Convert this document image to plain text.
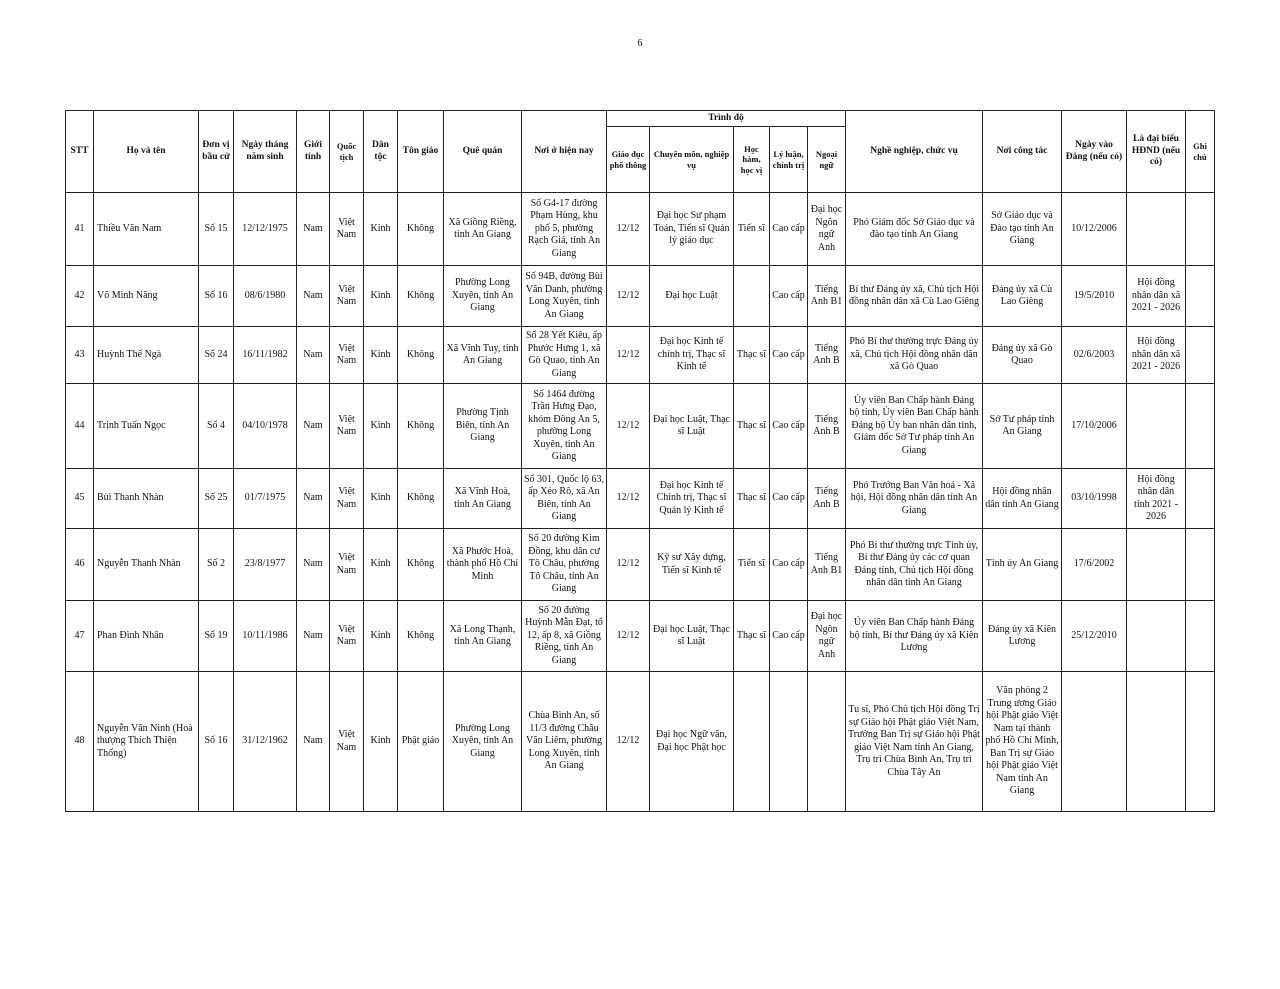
6
STT	Họ và tên	Đơn vị bầu cử	Ngày tháng năm sinh	Giới tính	Quốc tịch	Dân tộc	Tôn giáo	Quê quán	Nơi ở hiện nay	Trình độ					Nghề nghiệp, chức vụ	Nơi công tác	Ngày vào Đảng (nếu có)	Là đại biểu HĐND (nếu có)	Ghi chú
										Giáo dục phổ thông	Chuyên môn, nghiệp vụ	Học hàm, học vị	Lý luận, chính trị	Ngoại ngữ					
41	Thiều Văn Nam	Số 15	12/12/1975	Nam	Việt Nam	Kinh	Không	Xã Giồng Riềng, tỉnh An Giang	Số G4-17 đường Phạm Hùng, khu phố 5, phường Rạch Giá, tỉnh An Giang	12/12	Đại học Sư phạm Toán, Tiến sĩ Quản lý giáo dục	Tiến sĩ	Cao cấp	Đại học Ngôn ngữ Anh	Phó Giám đốc Sở Giáo dục và đào tạo tỉnh An Giang	Sở Giáo dục và Đào tạo tỉnh An Giang	10/12/2006		
42	Võ Minh Năng	Số 16	08/6/1980	Nam	Việt Nam	Kinh	Không	Phường Long Xuyên, tỉnh An Giang	Số 94B, đường Bùi Văn Danh, phường Long Xuyên, tỉnh An Giang	12/12	Đại học Luật		Cao cấp	Tiếng Anh B1	Bí thư Đảng ủy xã, Chủ tịch Hội đồng nhân dân xã Cù Lao Giêng	Đảng ủy xã Cù Lao Giêng	19/5/2010	Hội đồng nhân dân xã 2021 - 2026	
43	Huỳnh Thế Ngà	Số 24	16/11/1982	Nam	Việt Nam	Kinh	Không	Xã Vĩnh Tuy, tỉnh An Giang	Số 28 Yết Kiêu, ấp Phước Hưng 1, xã Gò Quao, tỉnh An Giang	12/12	Đại học Kinh tế chính trị, Thạc sĩ Kinh tế	Thạc sĩ	Cao cấp	Tiếng Anh B	Phó Bí thư thường trực Đảng ủy xã, Chủ tịch Hội đồng nhân dân xã Gò Quao	Đảng ủy xã Gò Quao	02/6/2003	Hội đồng nhân dân xã 2021 - 2026	
44	Trịnh Tuấn Ngọc	Số 4	04/10/1978	Nam	Việt Nam	Kinh	Không	Phường Tịnh Biên, tỉnh An Giang	Số 1464 đường Trần Hưng Đạo, khóm Đông An 5, phường Long Xuyên, tỉnh An Giang	12/12	Đại học Luật, Thạc sĩ Luật	Thạc sĩ	Cao cấp	Tiếng Anh B	Ủy viên Ban Chấp hành Đảng bộ tỉnh, Ủy viên Ban Chấp hành Đảng bộ Ủy ban nhân dân tỉnh, Giám đốc Sở Tư pháp tỉnh An Giang	Sở Tư pháp tỉnh An Giang	17/10/2006		
45	Bùi Thanh Nhàn	Số 25	01/7/1975	Nam	Việt Nam	Kinh	Không	Xã Vĩnh Hoà, tỉnh An Giang	Số 301, Quốc lộ 63, ấp Xẻo Rô, xã An Biên, tỉnh An Giang	12/12	Đại học Kinh tế Chính trị, Thạc sĩ Quản lý Kinh tế	Thạc sĩ	Cao cấp	Tiếng Anh B	Phó Trưởng Ban Văn hoá - Xã hội, Hội đồng nhân dân tỉnh An Giang	Hội đồng nhân dân tỉnh An Giang	03/10/1998	Hội đồng nhân dân tỉnh 2021 - 2026	
46	Nguyễn Thanh Nhàn	Số 2	23/8/1977	Nam	Việt Nam	Kinh	Không	Xã Phước Hoà, thành phố Hồ Chí Minh	Số 20 đường Kim Đồng, khu dân cư Tô Châu, phường Tô Châu, tỉnh An Giang	12/12	Kỹ sư Xây dựng, Tiến sĩ Kinh tế	Tiến sĩ	Cao cấp	Tiếng Anh B1	Phó Bí thư thường trực Tỉnh ủy, Bí thư Đảng ủy các cơ quan Đảng tỉnh, Chủ tịch Hội đồng nhân dân tỉnh An Giang	Tỉnh ủy An Giang	17/6/2002		
47	Phan Đình Nhân	Số 19	10/11/1986	Nam	Việt Nam	Kinh	Không	Xã Long Thạnh, tỉnh An Giang	Số 20 đường Huỳnh Mẫn Đạt, tổ 12, ấp 8, xã Giồng Riềng, tỉnh An Giang	12/12	Đại học Luật, Thạc sĩ Luật	Thạc sĩ	Cao cấp	Đại học Ngôn ngữ Anh	Ủy viên Ban Chấp hành Đảng bộ tỉnh, Bí thư Đảng ủy xã Kiên Lương	Đảng ủy xã Kiên Lương	25/12/2010		
48	Nguyễn Văn Ninh (Hoà thượng Thích Thiện Thống)	Số 16	31/12/1962	Nam	Việt Nam	Kinh	Phật giáo	Phường Long Xuyên, tỉnh An Giang	Chùa Bình An, số 11/3 đường Châu Văn Liêm, phường Long Xuyên, tỉnh An Giang	12/12	Đại học Ngữ văn, Đại học Phật học				Tu sĩ, Phó Chủ tịch Hội đồng Trị sự Giáo hội Phật giáo Việt Nam, Trưởng Ban Trị sự Giáo hội Phật giáo Việt Nam tỉnh An Giang, Trụ trì Chùa Bình An, Trụ trì Chùa Tây An	Văn phòng 2 Trung ương Giáo hội Phật giáo Việt Nam tại thành phố Hồ Chí Minh, Ban Trị sự Giáo hội Phật giáo Việt Nam tỉnh An Giang			
